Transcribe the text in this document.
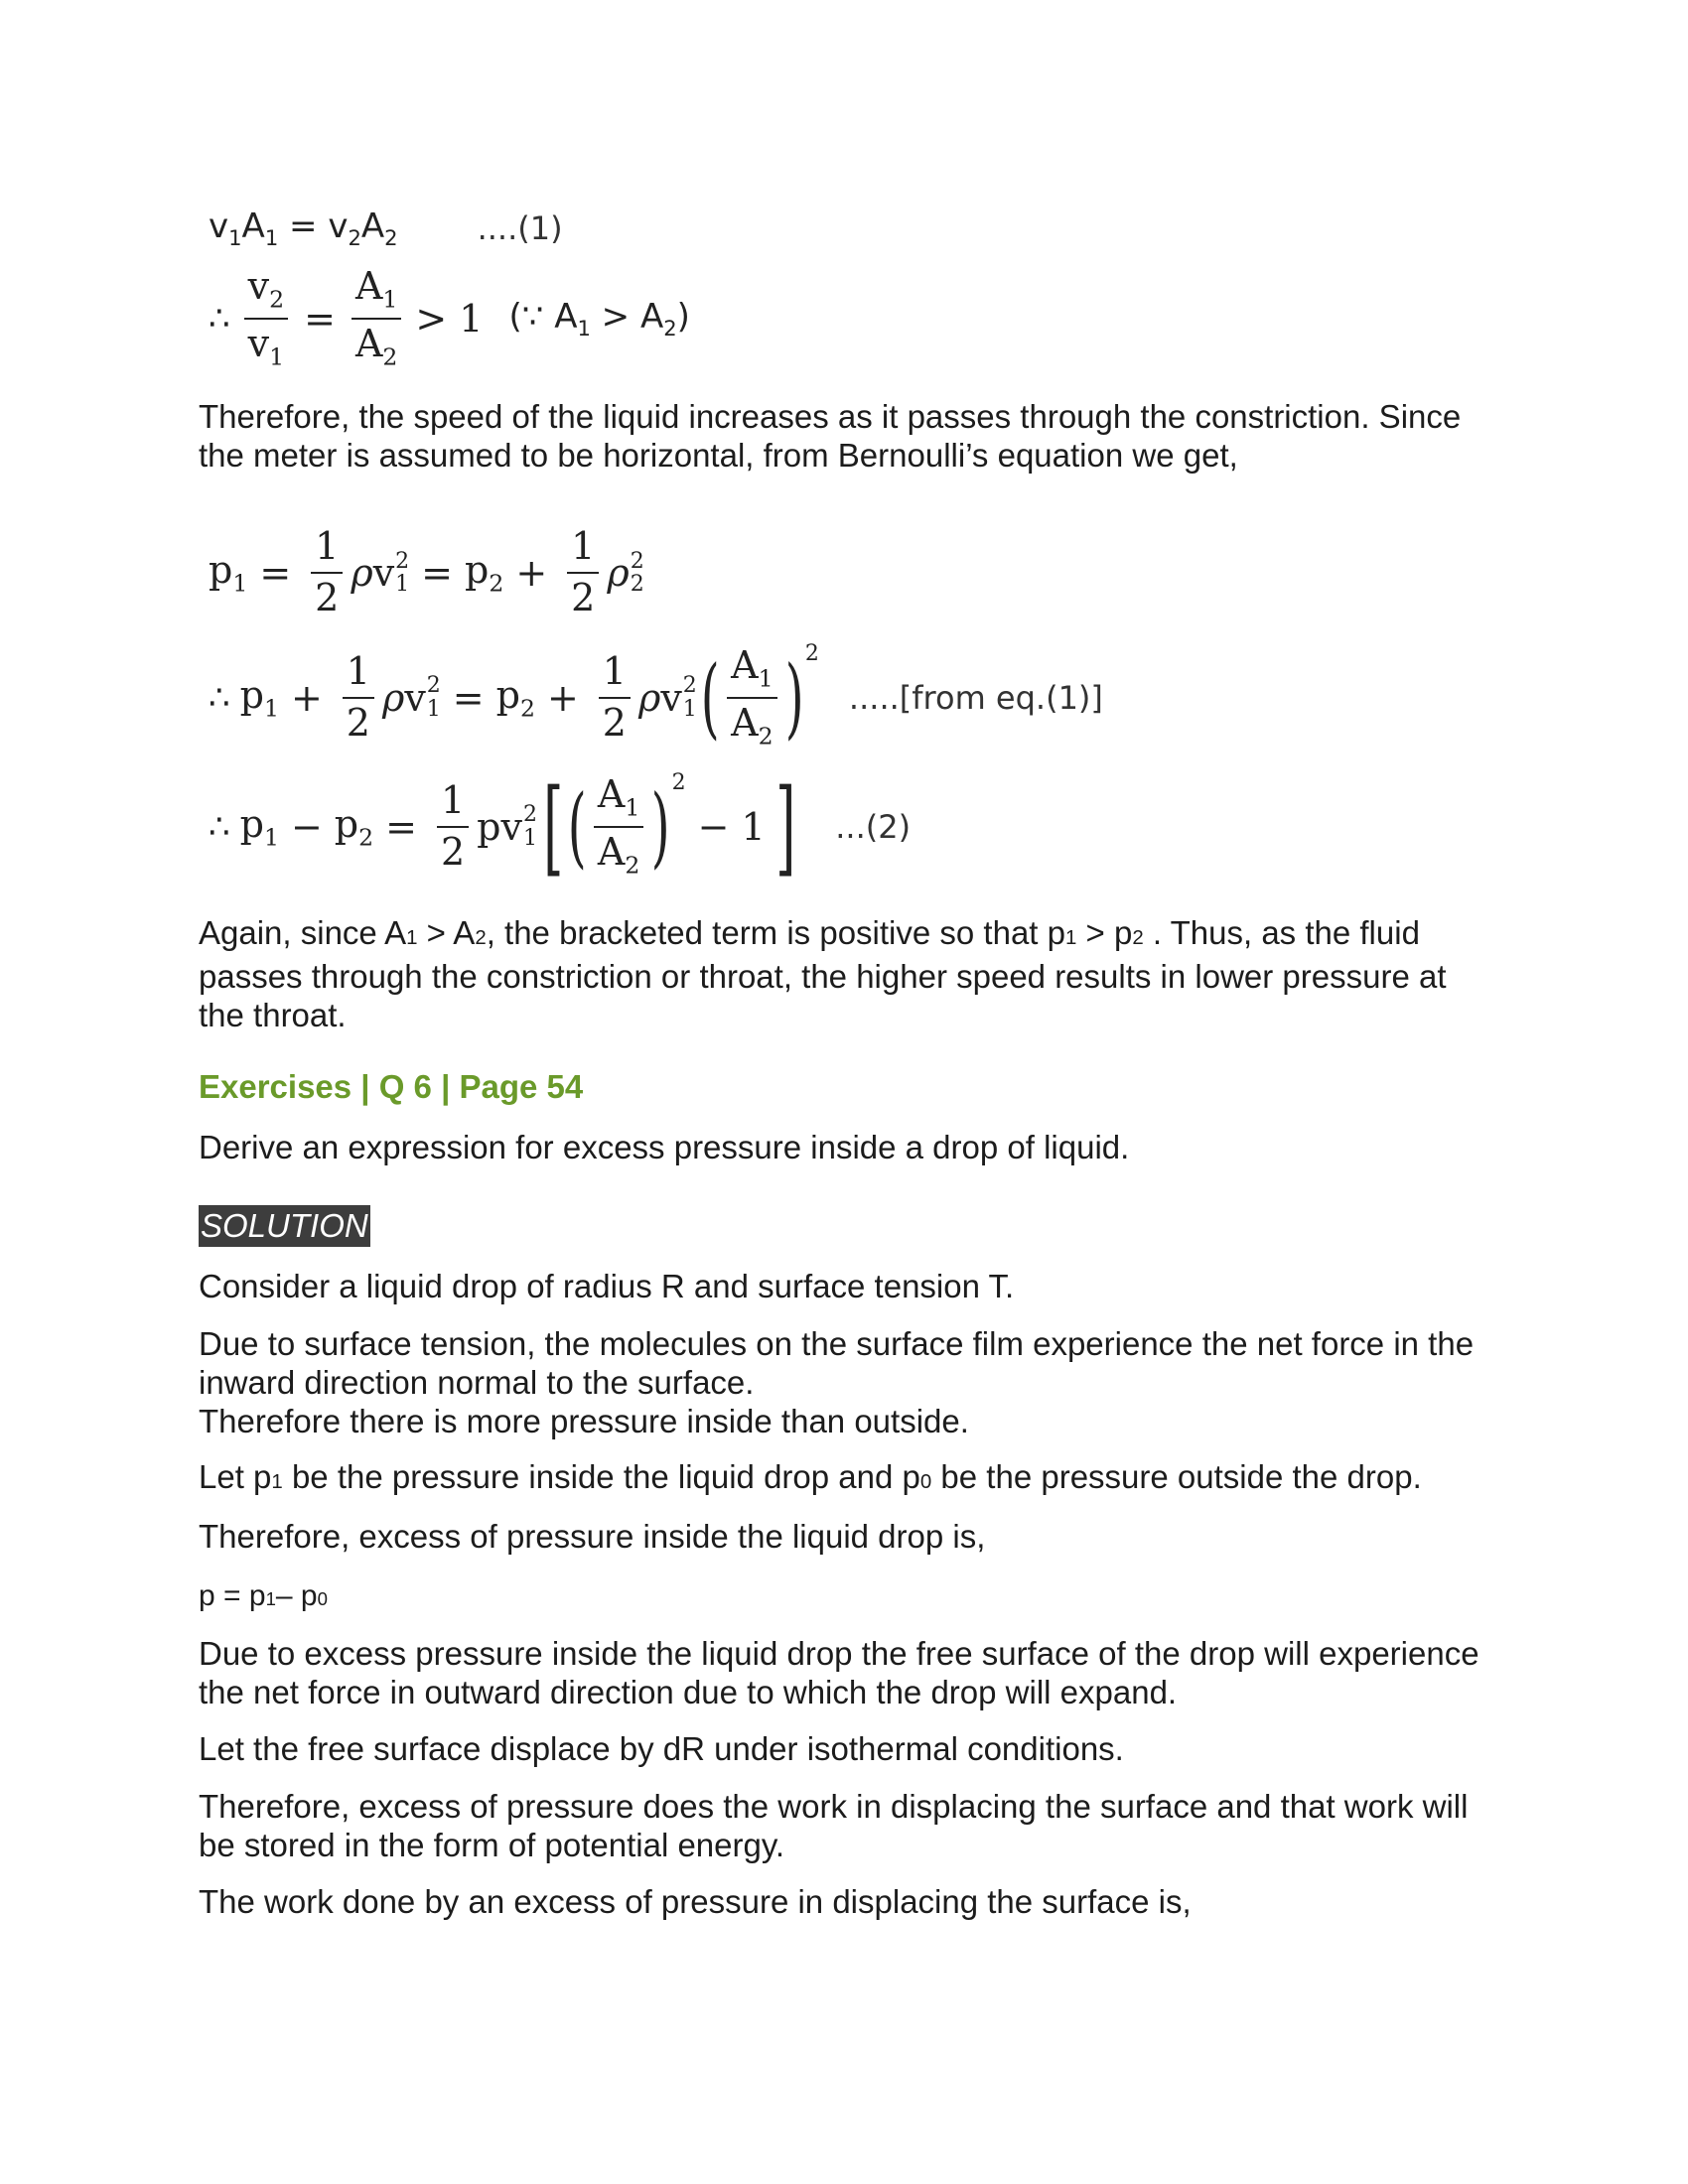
$v_1A_1 = v_2A_2$	....(1)
∴ $\frac{v_2}{v_1} = \frac{A_1}{A_2} > 1$ (∵ $A_1 > A_2$)

Therefore, the speed of the liquid increases as it passes through the constriction. Since the meter is assumed to be horizontal, from Bernoulli’s equation we get,

$p_1 = \frac{1}{2}$ ρv 2
$1 = p_2 + \frac{1}{2}$ ρ 2
2
∴ $p_1 + \frac{1}{2}$ ρv 2
$1 = p_2 + \frac{1}{2}$ ρv 2
1 ( $\frac{A_1}{A_2}$ ) 2
.....[from eq.(1)]
∴ $p_1 - p_2 = \frac{1}{2}$ pv 2
1 [ ( $\frac{A_1}{A_2}$ ) 2
− 1 ] ...(2)

Again, since A1 > A2, the bracketed term is positive so that p1 > p2 . Thus, as the fluid passes through the constriction or throat, the higher speed results in lower pressure at the throat.

Exercises | Q 6 | Page 54

Derive an expression for excess pressure inside a drop of liquid.

SOLUTION

Consider a liquid drop of radius R and surface tension T.

Due to surface tension, the molecules on the surface film experience the net force in the inward direction normal to the surface.
Therefore there is more pressure inside than outside.

Let p1 be the pressure inside the liquid drop and p0 be the pressure outside the drop.

Therefore, excess of pressure inside the liquid drop is,

p = p1– p0

Due to excess pressure inside the liquid drop the free surface of the drop will experience the net force in outward direction due to which the drop will expand.

Let the free surface displace by dR under isothermal conditions.

Therefore, excess of pressure does the work in displacing the surface and that work will be stored in the form of potential energy.

The work done by an excess of pressure in displacing the surface is,
